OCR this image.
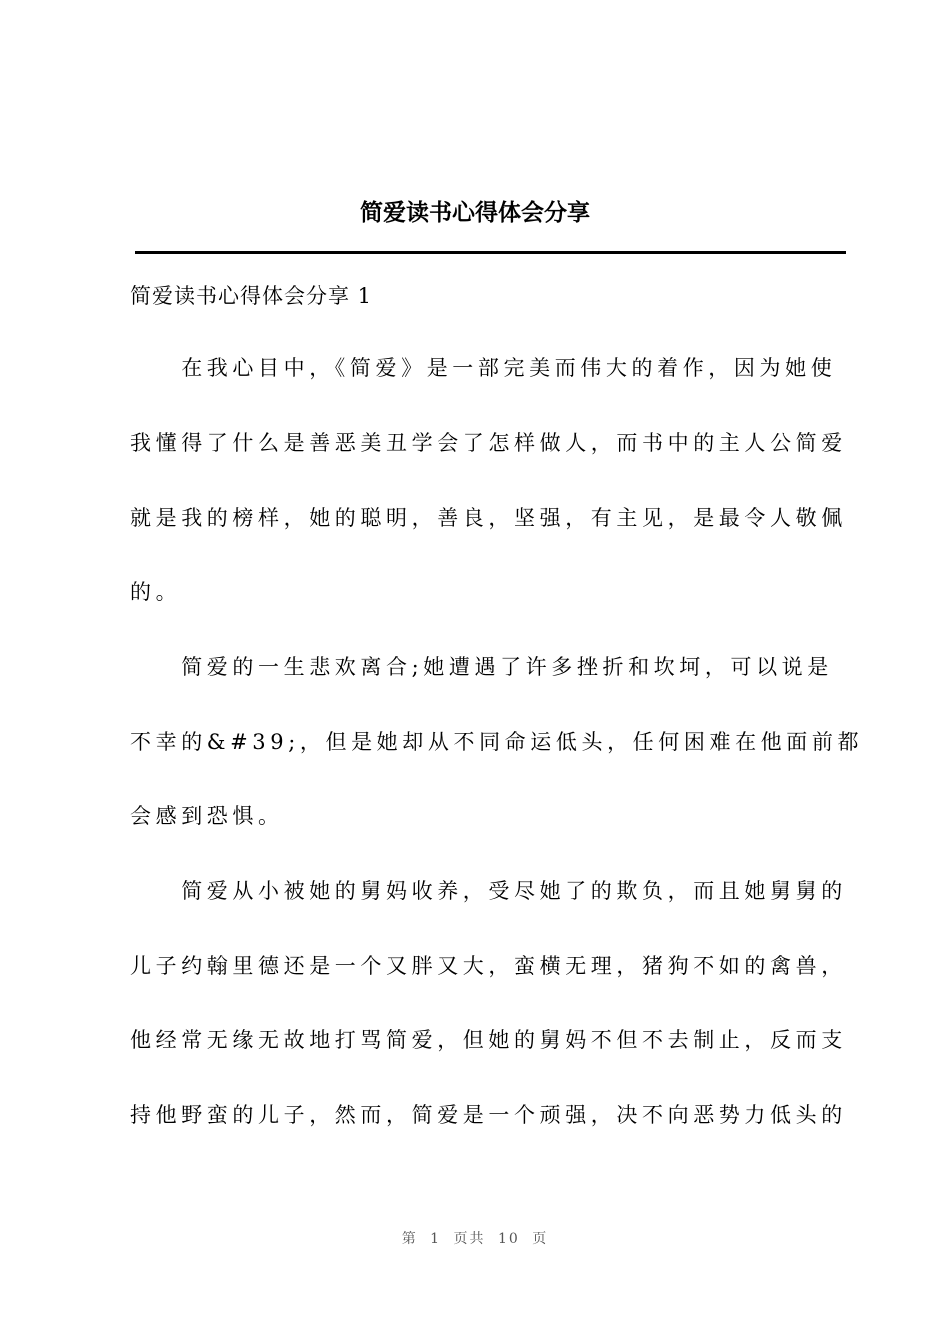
简爱读书心得体会分享

简爱读书心得体会分享 1

　　在我心目中，《简爱》是一部完美而伟大的着作，因为她使

我懂得了什么是善恶美丑学会了怎样做人，而书中的主人公简爱

就是我的榜样，她的聪明，善良，坚强，有主见，是最令人敬佩

的。

　　简爱的一生悲欢离合;她遭遇了许多挫折和坎坷，可以说是

不幸的&#39;，但是她却从不同命运低头，任何困难在他面前都

会感到恐惧。

　　简爱从小被她的舅妈收养，受尽她了的欺负，而且她舅舅的

儿子约翰里德还是一个又胖又大，蛮横无理，猪狗不如的禽兽，

他经常无缘无故地打骂简爱，但她的舅妈不但不去制止，反而支

持他野蛮的儿子，然而，简爱是一个顽强，决不向恶势力低头的

第 1 页共 10 页
